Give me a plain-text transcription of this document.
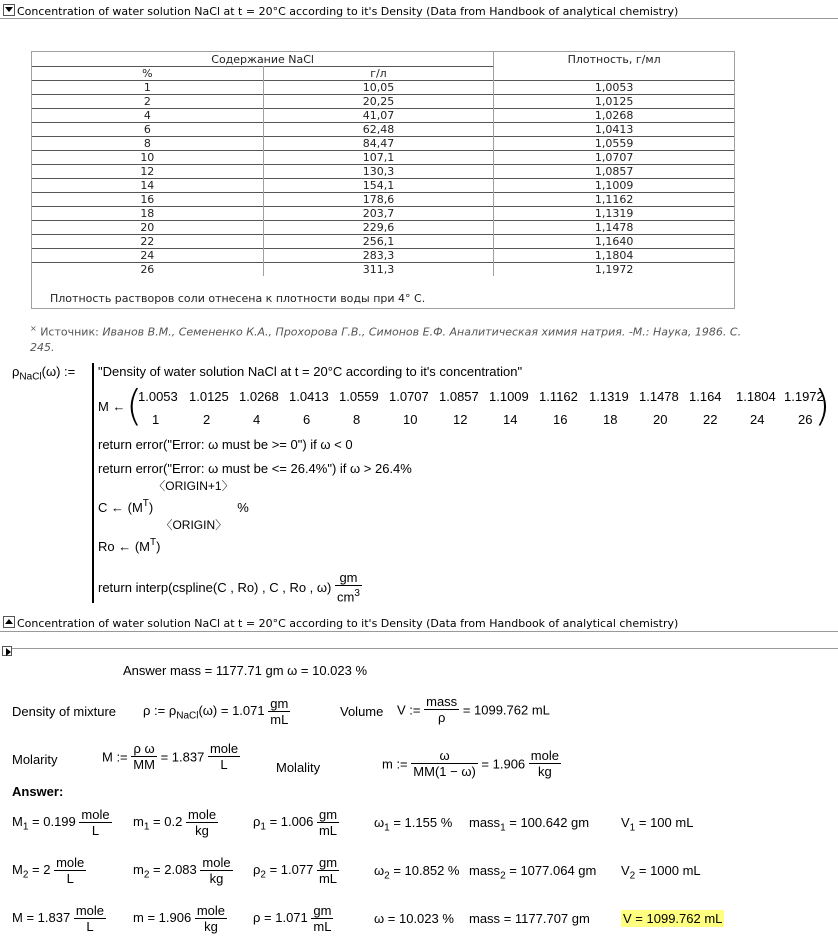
Concentration of water solution NaCl at t = 20°C according to it's Density (Data from Handbook of analytical chemistry)
Содержание NaCl		Плотность, г/мл
%	г/л	
1	10,05	1,0053
2	20,25	1,0125
4	41,07	1,0268
6	62,48	1,0413
8	84,47	1,0559
10	107,1	1,0707
12	130,3	1,0857
14	154,1	1,1009
16	178,6	1,1162
18	203,7	1,1319
20	229,6	1,1478
22	256,1	1,1640
24	283,3	1,1804
26	311,3	1,1972
Плотность растворов соли отнесена к плотности воды при 4° С.
× Источник: Иванов В.М., Семененко К.А., Прохорова Г.В., Симонов Е.Ф. Аналитическая химия натрия. -М.: Наука, 1986. С. 245.
$\rho_{NaCl}(\omega)$ := "Density of water solution NaCl at t = 20°C according to it's concentration"
M ← (	)
1.0053 1.0125 1.0268 1.0413 1.0559 1.0707 1.0857 1.1009 1.1162 1.1319 1.1478 1.164 1.1804 1.1972
1	2	4	6	8	10	12	14	16	18	20	22	24	26
return error("Error: ω must be >= 0") if ω < 0
return error("Error: ω must be <= 26.4%") if ω > 26.4%
C ← $(M^T)$〈ORIGIN+1〉 %
Ro ← $(M^T)$〈ORIGIN〉
return interp(cspline(C , Ro) , C , Ro , $\omega) \frac{gm}{cm^3}$
Concentration of water solution NaCl at t = 20°C according to it's Density (Data from Handbook of analytical chemistry)
Answer mass = 1177.71 gm ω = 10.023 %
Density of mixture ρ := $\rho_{NaCl}(\omega) = 1.071 \frac{gm}{mL}$	Volume V := $\frac{\text{mass}}{\rho} = 1099.762$ mL
Molarity	M := $\frac{\text{ρ ω}}{MM} = 1.837 \frac{\text{mole}}{L}$	Molality	m := $\frac{\omega}{MM(1 - \omega)} = 1.906 \frac{\text{mole}}{kg}$
Answer:
$M_1 = 0.199 \frac{\text{mole}}{L} m_1 = 0.2 \frac{\text{mole}}{kg}$	$\rho_1 = 1.006 \frac{gm}{mL}$	$\omega_1 = 1.155$ % mass$_1$ = 100.642 gm $V_1 = 100$ mL
$M_2 = 2 \frac{\text{mole}}{L}$	$m_2 = 2.083 \frac{\text{mole}}{kg} \rho_2 = 1.077 \frac{gm}{mL}$	$\omega_2 = 10.852$ % mass$_2$ = 1077.064 gm $V_2 = 1000$ mL
$M = 1.837 \frac{\text{mole}}{L}$ $m = 1.906 \frac{\text{mole}}{kg}$ $\rho = 1.071 \frac{gm}{mL}$	ω = 10.023 % mass = 1177.707 gm	V = 1099.762 mL
